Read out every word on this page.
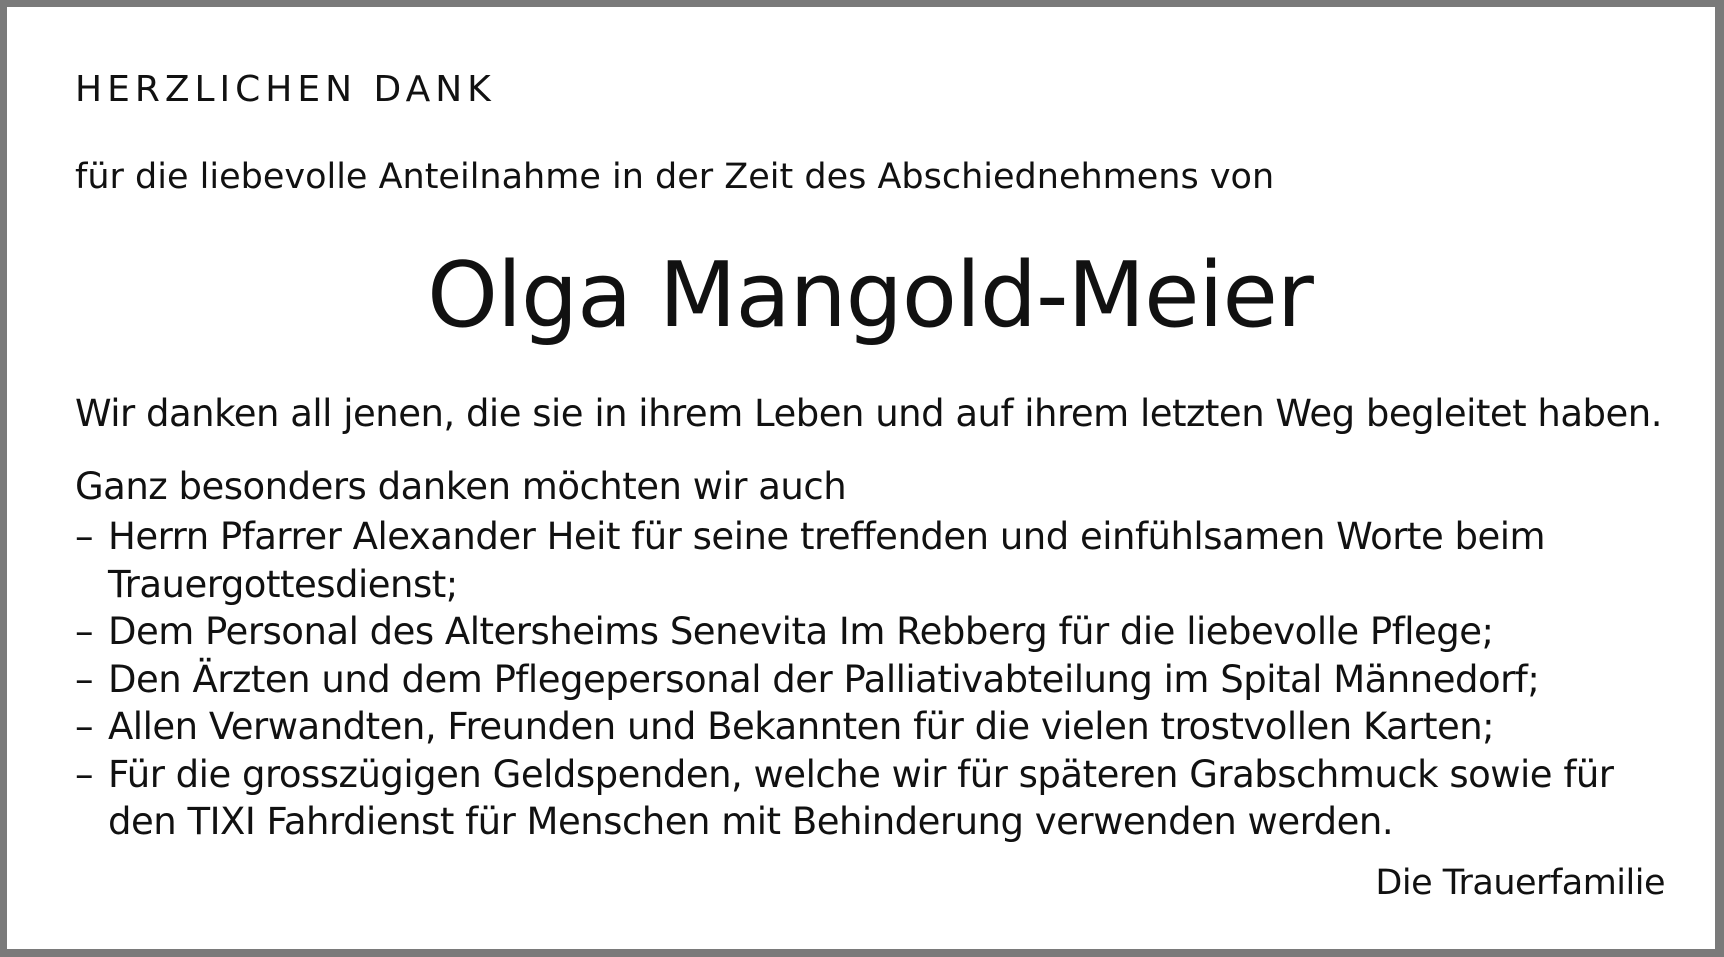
HERZLICHEN DANK
für die liebevolle Anteilnahme in der Zeit des Abschiednehmens von
Olga Mangold-Meier
Wir danken all jenen, die sie in ihrem Leben und auf ihrem letzten Weg begleitet haben.
Ganz besonders danken möchten wir auch
– Herrn Pfarrer Alexander Heit für seine treffenden und einfühlsamen Worte beim
Trauergottesdienst;
– Dem Personal des Altersheims Senevita Im Rebberg für die liebevolle Pflege;
– Den Ärzten und dem Pflegepersonal der Palliativabteilung im Spital Männedorf;
– Allen Verwandten, Freunden und Bekannten für die vielen trostvollen Karten;
– Für die grosszügigen Geldspenden, welche wir für späteren Grabschmuck sowie für
den TIXI Fahrdienst für Menschen mit Behinderung verwenden werden.
Die Trauerfamilie
